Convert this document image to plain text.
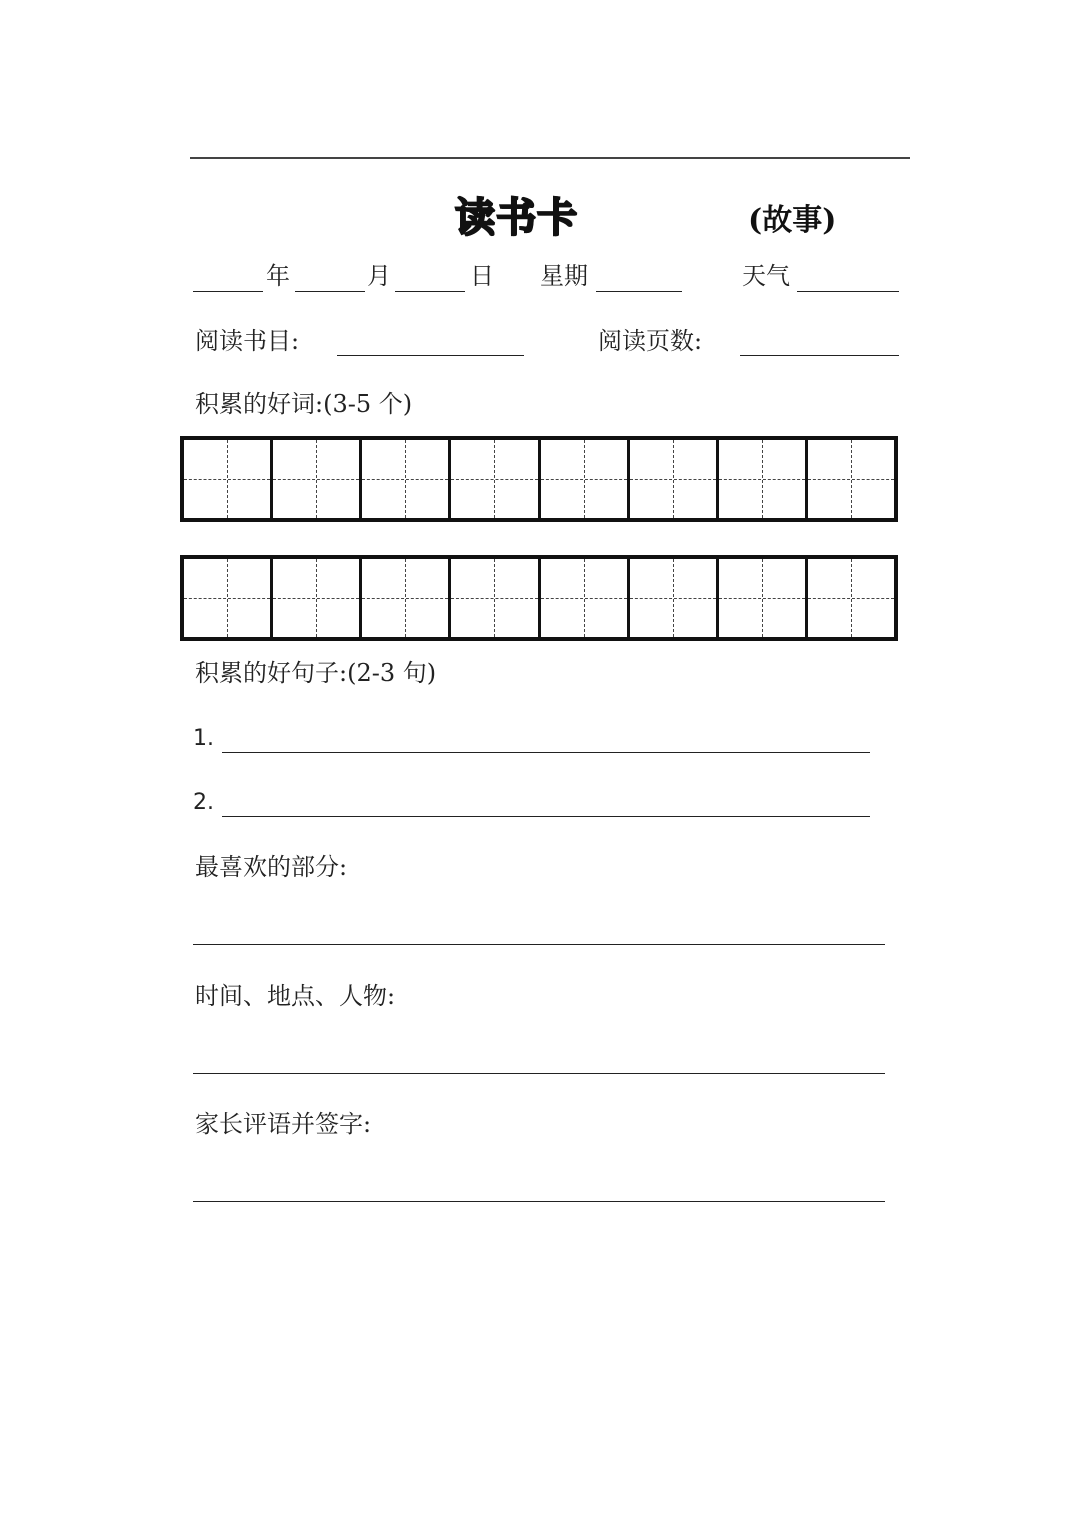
读书卡	(故事)
年	月	日 星期	天气
阅读书目:	阅读页数:
积累的好词:(3-5 个)
积累的好句子:(2-3 句)
1.
2.
最喜欢的部分:
时间、地点、人物:
家长评语并签字:
